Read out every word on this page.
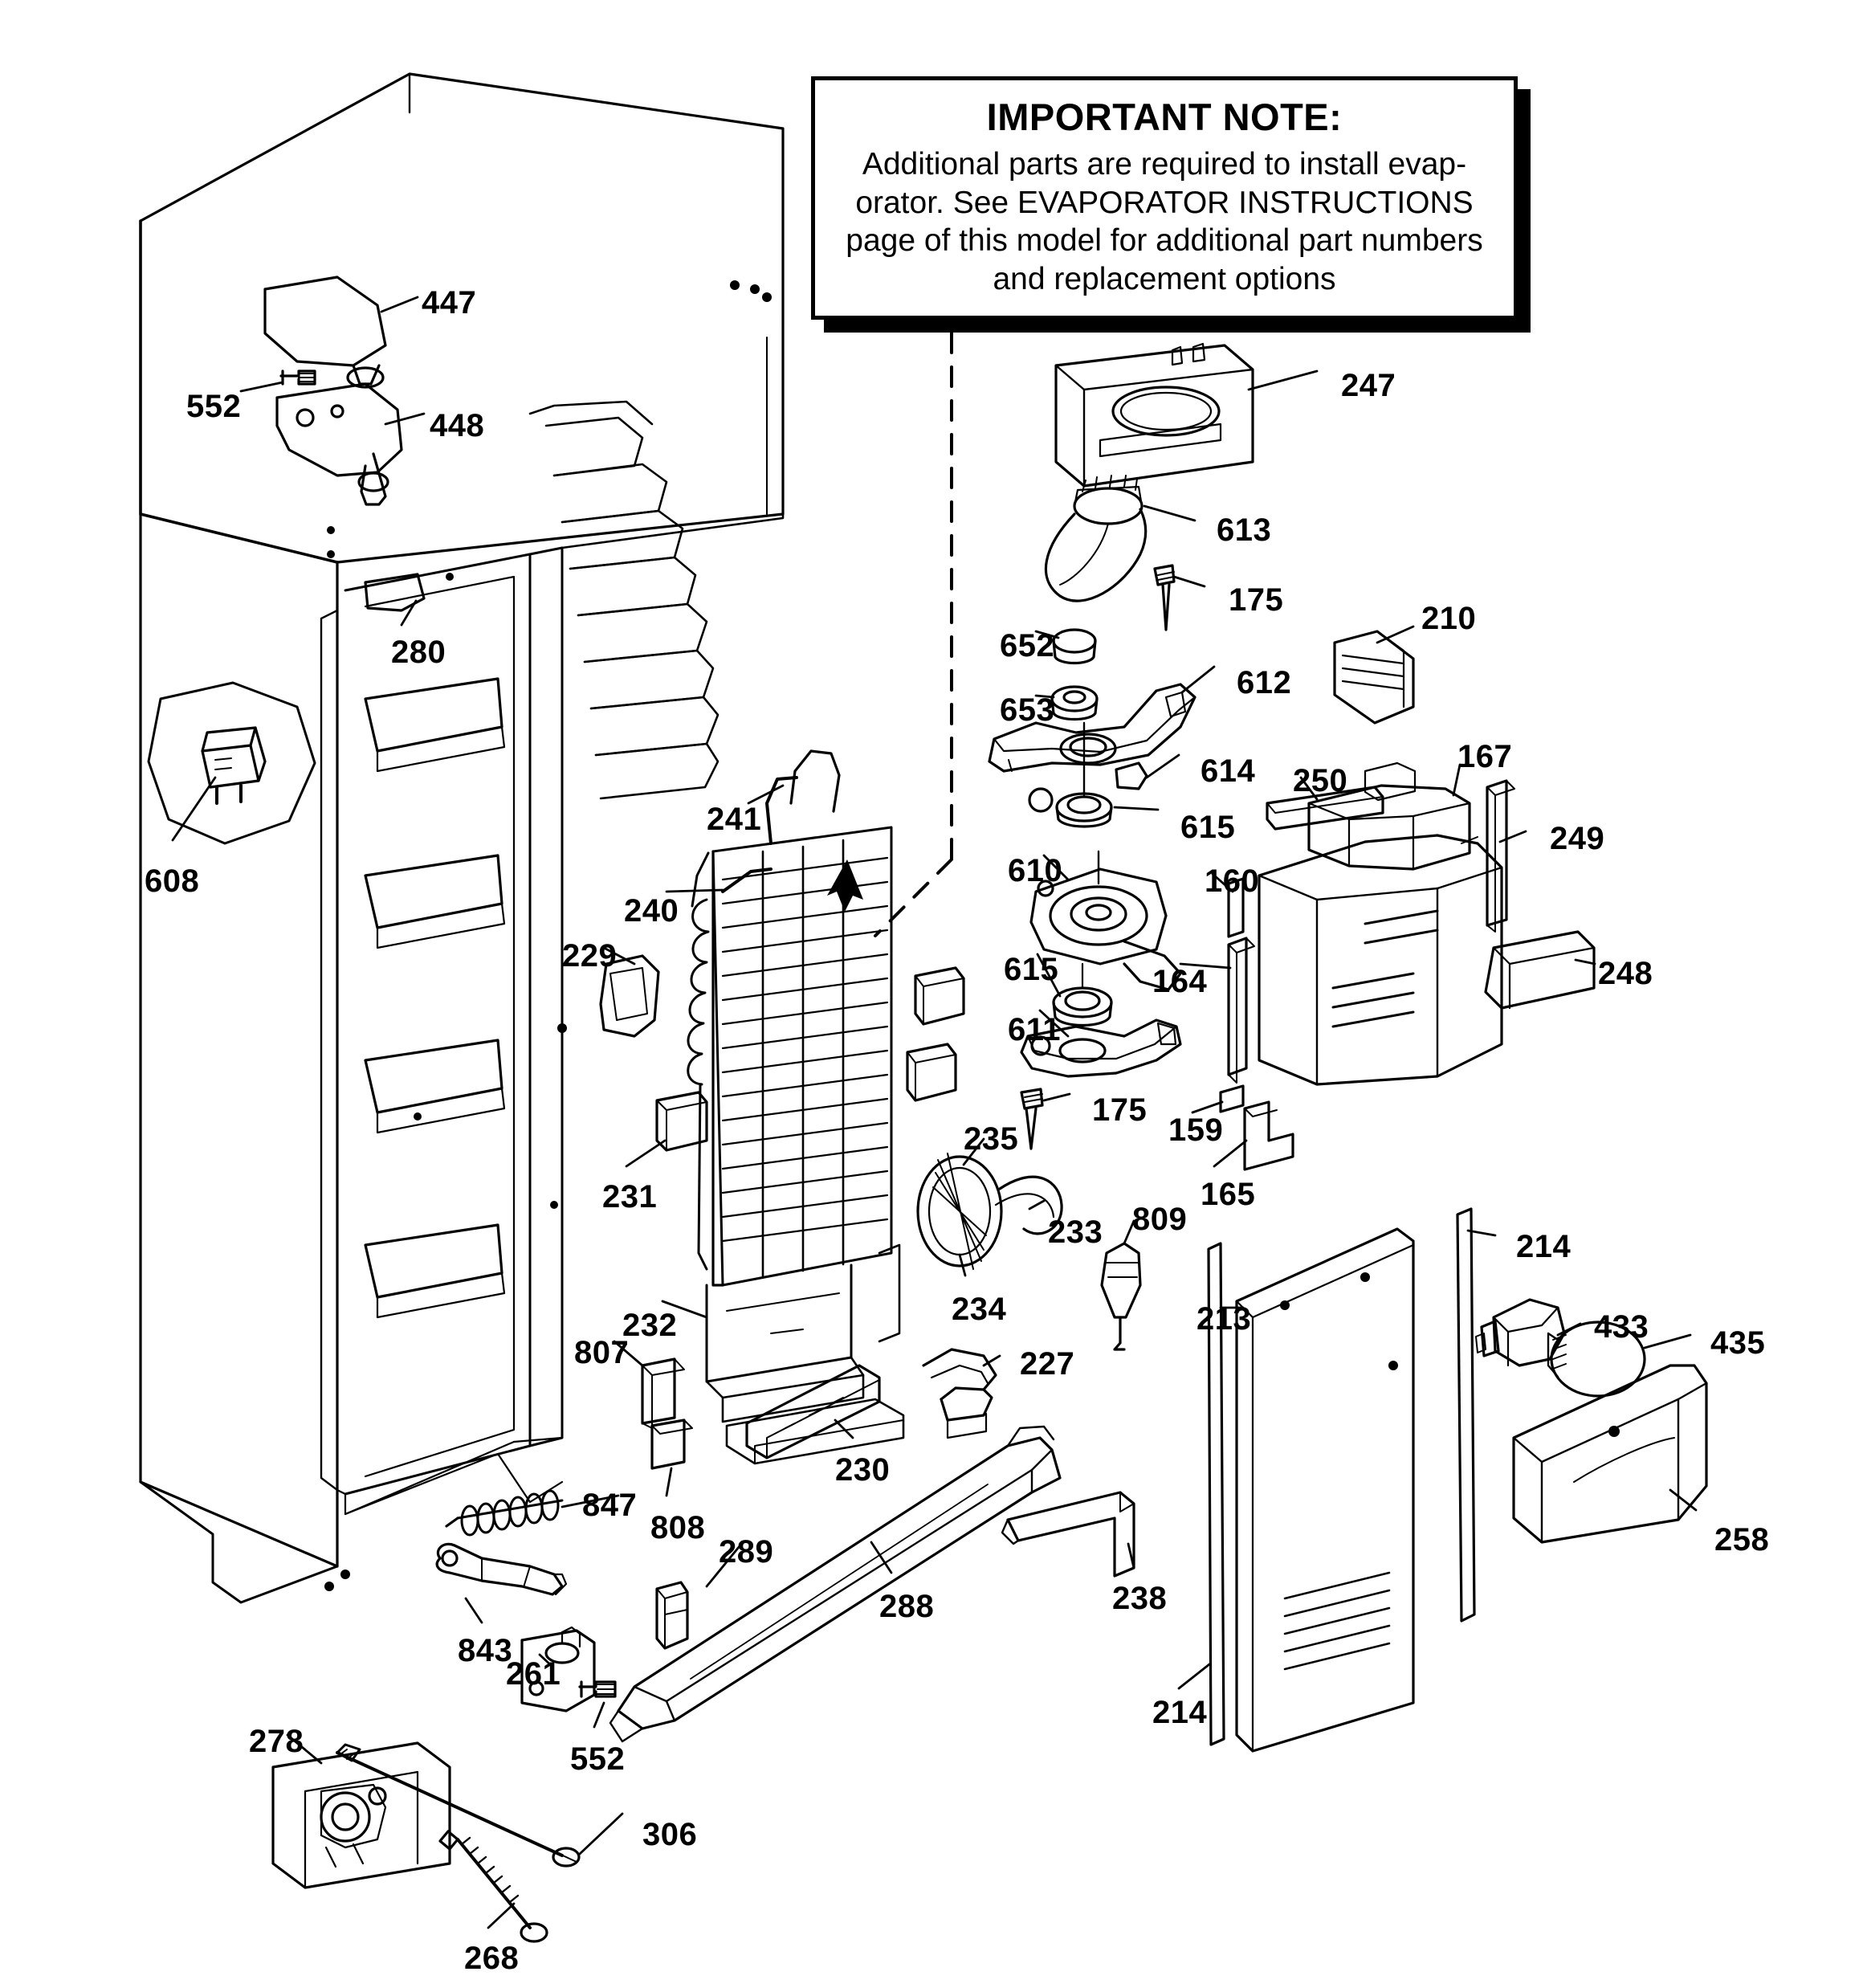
IMPORTANT NOTE:
Additional parts are required to install evap-
orator. See EVAPORATOR INSTRUCTIONS
page of this model for additional part numbers
and replacement options
447
552
448
280
608
241
240
229
231
232
807
808
230
227
847
843
261
552
289
288	238
278
268
306
247
613
175
652
653
612
614
615
610
615
611
164
160
175
159
165
210
250
167
249
248
235
233
234
809
213
214
214
433 435
258
